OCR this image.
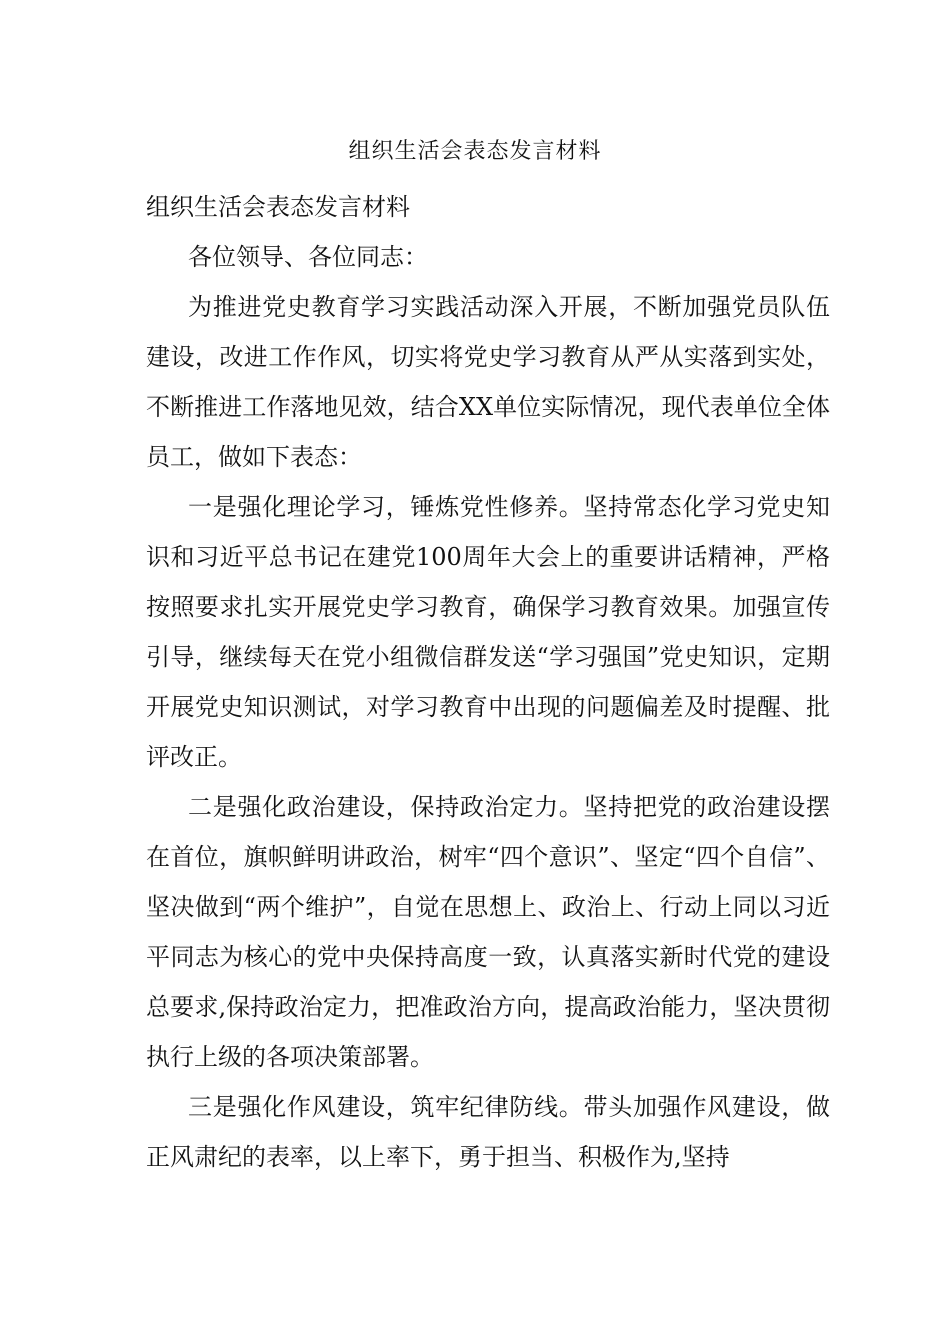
组织生活会表态发言材料

组织生活会表态发言材料

各位领导、各位同志：

为推进党史教育学习实践活动深入开展，不断加强党员队伍建设，改进工作作风，切实将党史学习教育从严从实落到实处，不断推进工作落地见效，结合XX单位实际情况，现代表单位全体员工，做如下表态：

一是强化理论学习，锤炼党性修养。坚持常态化学习党史知识和习近平总书记在建党100周年大会上的重要讲话精神，严格按照要求扎实开展党史学习教育，确保学习教育效果。加强宣传引导，继续每天在党小组微信群发送“学习强国”党史知识，定期开展党史知识测试，对学习教育中出现的问题偏差及时提醒、批评改正。

二是强化政治建设，保持政治定力。坚持把党的政治建设摆在首位，旗帜鲜明讲政治，树牢“四个意识”、坚定“四个自信”、坚决做到“两个维护”，自觉在思想上、政治上、行动上同以习近平同志为核心的党中央保持高度一致，认真落实新时代党的建设总要求,保持政治定力，把准政治方向，提高政治能力，坚决贯彻执行上级的各项决策部署。

三是强化作风建设，筑牢纪律防线。带头加强作风建设，做正风肃纪的表率，以上率下，勇于担当、积极作为,坚持
